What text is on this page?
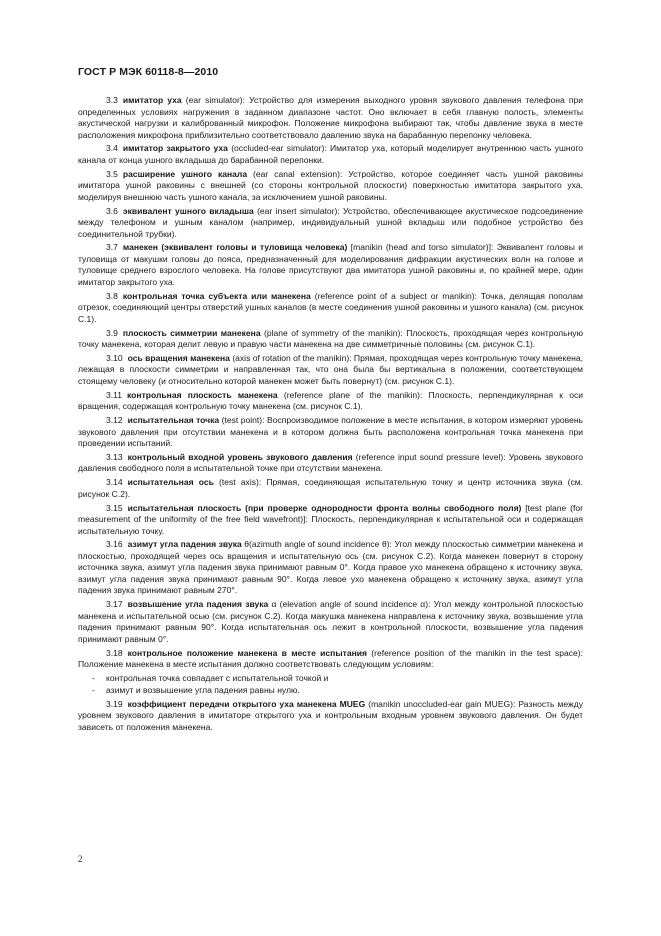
ГОСТ Р МЭК 60118-8—2010

3.3 имитатор уха (ear simulator): Устройство для измерения выходного уровня звукового давления телефона при определенных условиях нагружения в заданном диапазоне частот. Оно включает в себя главную полость, элементы акустической нагрузки и калиброванный микрофон. Положение микрофона выбирают так, чтобы давление звука в месте расположения микрофона приблизительно соответствовало давлению звука на барабанную перепонку человека.

3.4 имитатор закрытого уха (occluded-ear simulator): Имитатор уха, который моделирует внутреннюю часть ушного канала от конца ушного вкладыша до барабанной перепонки.

3.5 расширение ушного канала (ear canal extension): Устройство, которое соединяет часть ушной раковины имитатора ушной раковины с внешней (со стороны контрольной плоскости) поверхностью имитатора закрытого уха, моделируя внешнюю часть ушного канала, за исключением ушной раковины.

3.6 эквивалент ушного вкладыша (ear insert simulator): Устройство, обеспечивающее акустическое подсоединение между телефоном и ушным каналом (например, индивидуальный ушной вкладыш или подобное устройство без соединительной трубки).

3.7 манекен (эквивалент головы и туловища человека) [manikin (head and torso simulator)]: Эквивалент головы и туловища от макушки головы до пояса, предназначенный для моделирования дифракции акустических волн на голове и туловище среднего взрослого человека. На голове присутствуют два имитатора ушной раковины и, по крайней мере, один имитатор закрытого уха.

3.8 контрольная точка субъекта или манекена (reference point of a subject or manikin): Точка, делящая пополам отрезок, соединяющий центры отверстий ушных каналов (в месте соединения ушной раковины и ушного канала) (см. рисунок C.1).

3.9 плоскость симметрии манекена (plane of symmetry of the manikin): Плоскость, проходящая через контрольную точку манекена, которая делит левую и правую части манекена на две симметричные половины (см. рисунок C.1).

3.10 ось вращения манекена (axis of rotation of the manikin): Прямая, проходящая через контрольную точку манекена, лежащая в плоскости симметрии и направленная так, что она была бы вертикальна в положении, соответствующем стоящему человеку (и относительно которой манекен может быть повернут) (см. рисунок C.1).

3.11 контрольная плоскость манекена (reference plane of the manikin): Плоскость, перпендикулярная к оси вращения, содержащая контрольную точку манекена (см. рисунок C.1).

3.12 испытательная точка (test point): Воспроизводимое положение в месте испытания, в котором измеряют уровень звукового давления при отсутствии манекена и в котором должна быть расположена контрольная точка манекена при проведении испытаний.

3.13 контрольный входной уровень звукового давления (reference input sound pressure level): Уровень звукового давления свободного поля в испытательной точке при отсутствии манекена.

3.14 испытательная ось (test axis): Прямая, соединяющая испытательную точку и центр источника звука (см. рисунок C.2).

3.15 испытательная плоскость (при проверке однородности фронта волны свободного поля) [test plane (for measurement of the uniformity of the free field wavefront)]: Плоскость, перпендикулярная к испытательной оси и содержащая испытательную точку.

3.16 азимут угла падения звука θ(azimuth angle of sound incidence θ): Угол между плоскостью симметрии манекена и плоскостью, проходящей через ось вращения и испытательную ось (см. рисунок C.2). Когда манекен повернут в сторону источника звука, азимут угла падения звука принимают равным 0°. Когда правое ухо манекена обращено к источнику звука, азимут угла падения звука принимают равным 90°. Когда левое ухо манекена обращено к источнику звука, азимут угла падения звука принимают равным 270°.

3.17 возвышение угла падения звука α (elevation angle of sound incidence α): Угол между контрольной плоскостью манекена и испытательной осью (см. рисунок C.2). Когда макушка манекена направлена к источнику звука, возвышение угла падения принимают равным 90°. Когда испытательная ось лежит в контрольной плоскости, возвышение угла падения принимают равным 0°.

3.18 контрольное положение манекена в месте испытания (reference position of the manikin in the test space): Положение манекена в месте испытания должно соответствовать следующим условиям:

- контрольная точка совпадает с испытательной точкой и
- азимут и возвышение угла падения равны нулю.

3.19 коэффициент передачи открытого уха манекена MUEG (manikin unoccluded-ear gain MUEG): Разность между уровнем звукового давления в имитаторе открытого уха и контрольным входным уровнем звукового давления. Он будет зависеть от положения манекена.

2
